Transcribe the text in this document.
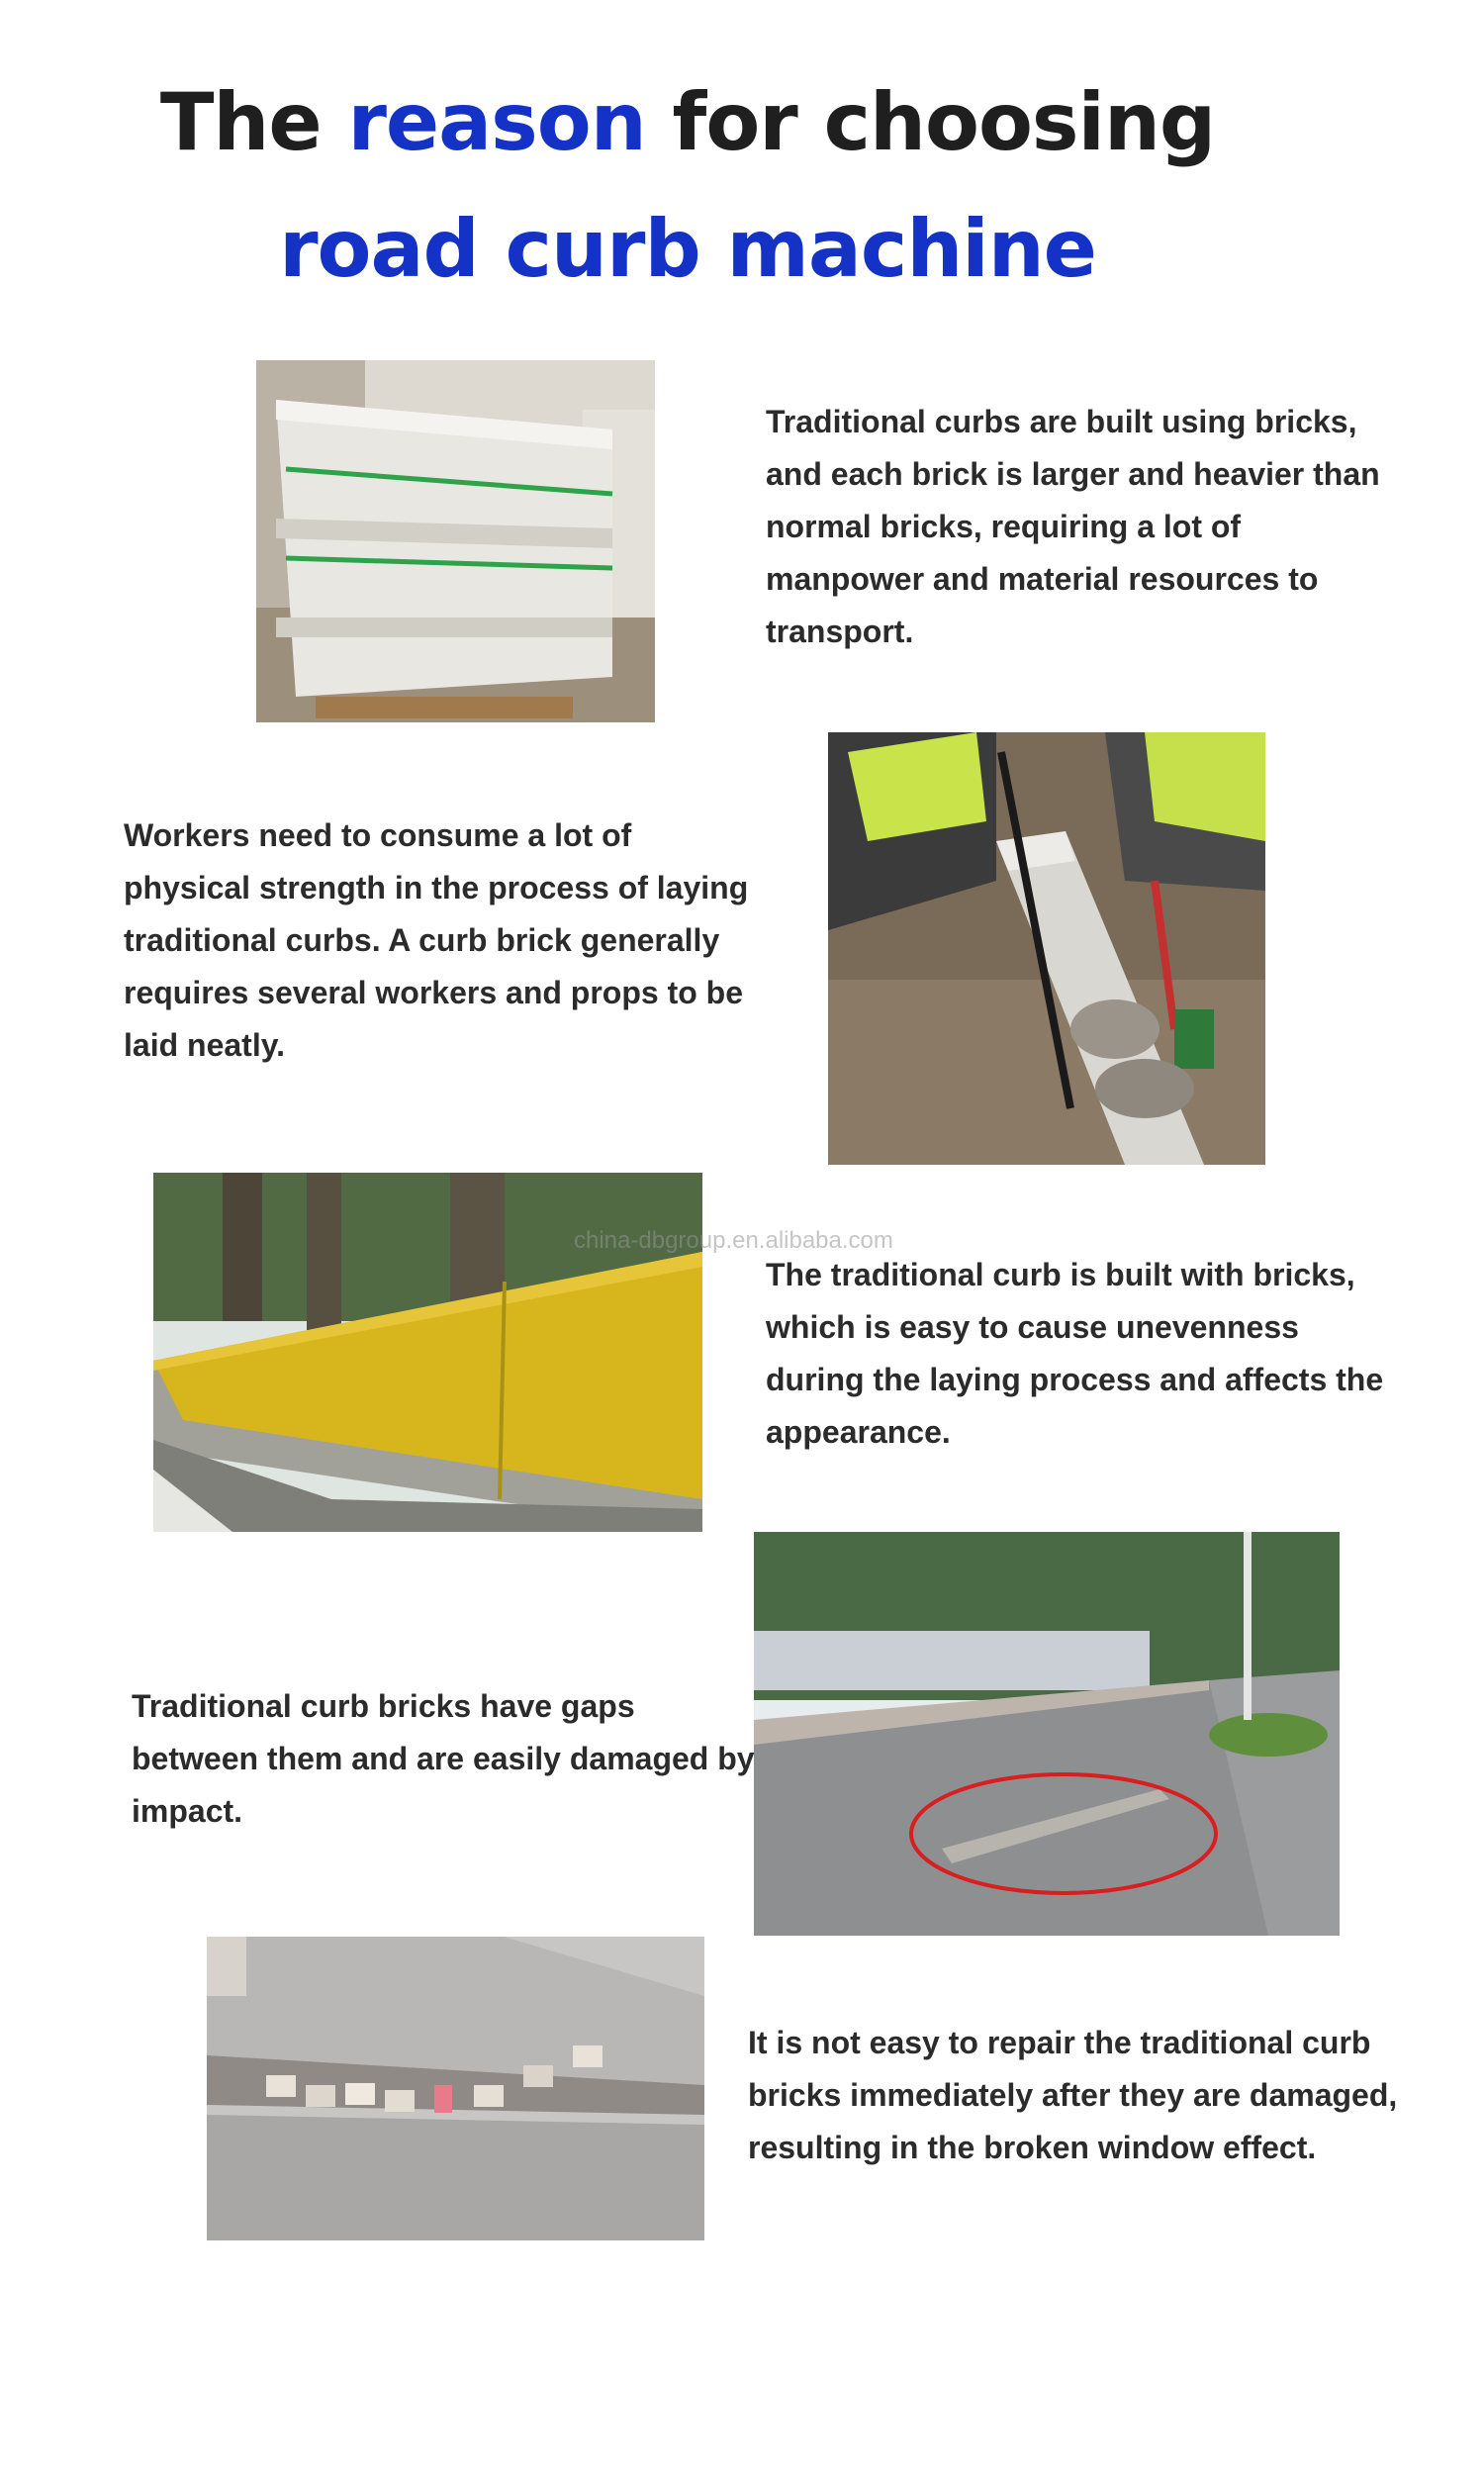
The reason for choosing
road curb machine
china-dbgroup.en.alibaba.com
Traditional curbs are built using bricks, and each brick is larger and heavier than normal bricks, requiring a lot of manpower and material resources to transport.
Workers need to consume a lot of physical strength in the process of laying traditional curbs. A curb brick generally requires several workers and props to be laid neatly.
The traditional curb is built with bricks, which is easy to cause unevenness during the laying process and affects the appearance.
Traditional curb bricks have gaps between them and are easily damaged by impact.
It is not easy to repair the traditional curb bricks immediately after they are damaged, resulting in the broken window effect.
